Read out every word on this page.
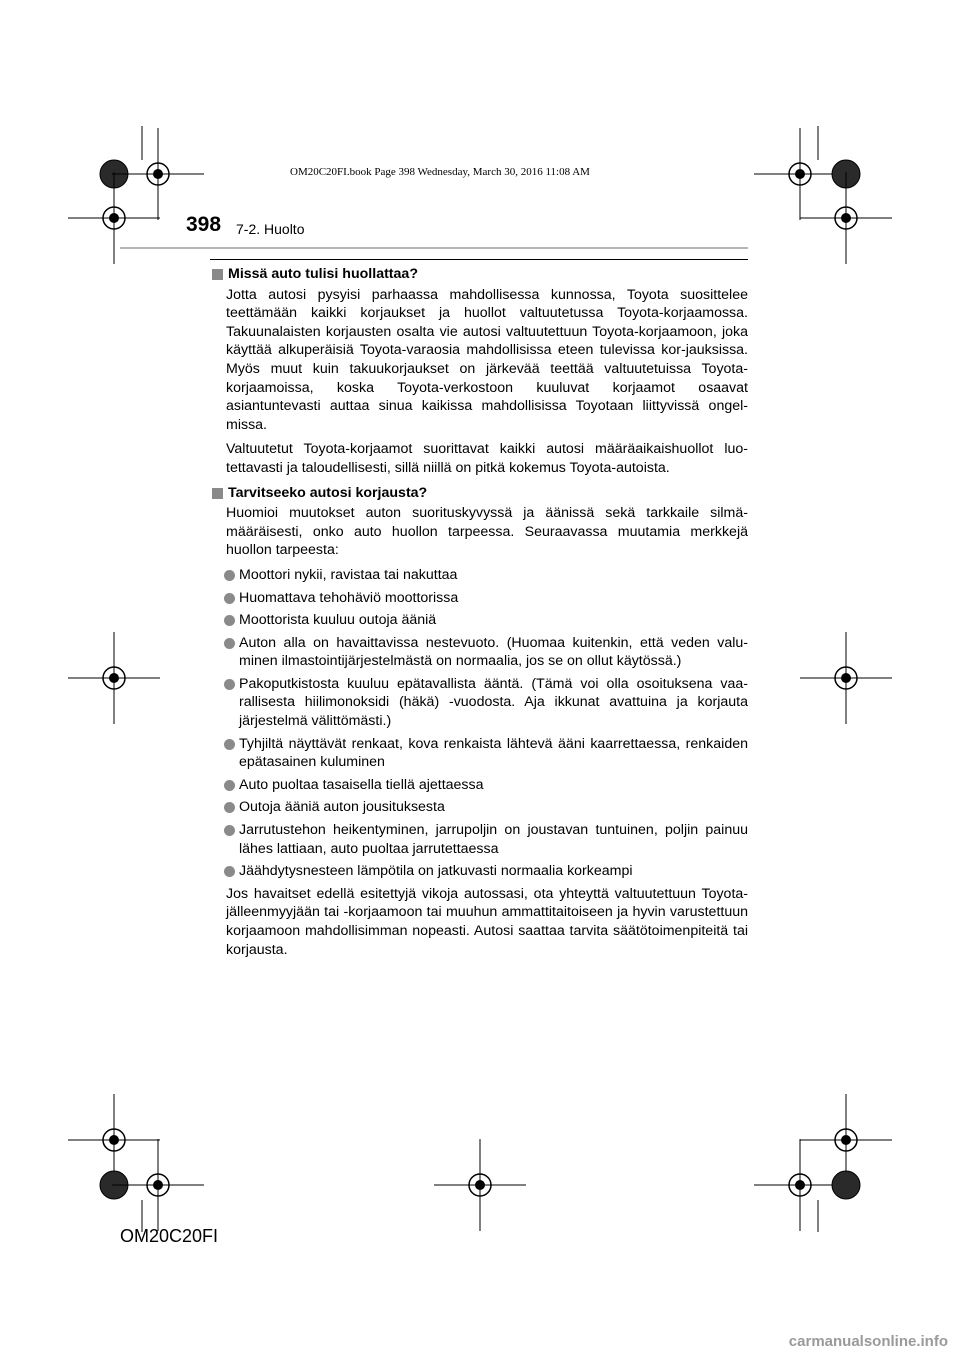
OM20C20FI.book Page 398 Wednesday, March 30, 2016 11:08 AM
398 7-2. Huolto

Missä auto tulisi huollattaa?

Jotta autosi pysyisi parhaassa mahdollisessa kunnossa, Toyota suosittelee teettämään kaikki korjaukset ja huollot valtuutetussa Toyota-korjaamossa. Takuunalaisten korjausten osalta vie autosi valtuutettuun Toyota-korjaamoon, joka käyttää alkuperäisiä Toyota-varaosia mahdollisissa eteen tulevissa kor-jauksissa. Myös muut kuin takuukorjaukset on järkevää teettää valtuutetuissa Toyota-korjaamoissa, koska Toyota-verkostoon kuuluvat korjaamot osaavat asiantuntevasti auttaa sinua kaikissa mahdollisissa Toyotaan liittyvissä ongel-missa.

Valtuutetut Toyota-korjaamot suorittavat kaikki autosi määräaikaishuollot luo-tettavasti ja taloudellisesti, sillä niillä on pitkä kokemus Toyota-autoista.

Tarvitseeko autosi korjausta?

Huomioi muutokset auton suorituskyvyssä ja äänissä sekä tarkkaile silmä-määräisesti, onko auto huollon tarpeessa. Seuraavassa muutamia merkkejä huollon tarpeesta:

Moottori nykii, ravistaa tai nakuttaa
Huomattava tehohäviö moottorissa
Moottorista kuuluu outoja ääniä
Auton alla on havaittavissa nestevuoto. (Huomaa kuitenkin, että veden valu-minen ilmastointijärjestelmästä on normaalia, jos se on ollut käytössä.)
Pakoputkistosta kuuluu epätavallista ääntä. (Tämä voi olla osoituksena vaa-rallisesta hiilimonoksidi (häkä) -vuodosta. Aja ikkunat avattuina ja korjauta järjestelmä välittömästi.)
Tyhjiltä näyttävät renkaat, kova renkaista lähtevä ääni kaarrettaessa, renkaiden epätasainen kuluminen
Auto puoltaa tasaisella tiellä ajettaessa
Outoja ääniä auton jousituksesta
Jarrutustehon heikentyminen, jarrupoljin on joustavan tuntuinen, poljin painuu lähes lattiaan, auto puoltaa jarrutettaessa
Jäähdytysnesteen lämpötila on jatkuvasti normaalia korkeampi

Jos havaitset edellä esitettyjä vikoja autossasi, ota yhteyttä valtuutettuun Toyota-jälleenmyyjään tai -korjaamoon tai muuhun ammattitaitoiseen ja hyvin varustettuun korjaamoon mahdollisimman nopeasti. Autosi saattaa tarvita säätötoimenpiteitä tai korjausta.

OM20C20FI
carmanualsonline.info
